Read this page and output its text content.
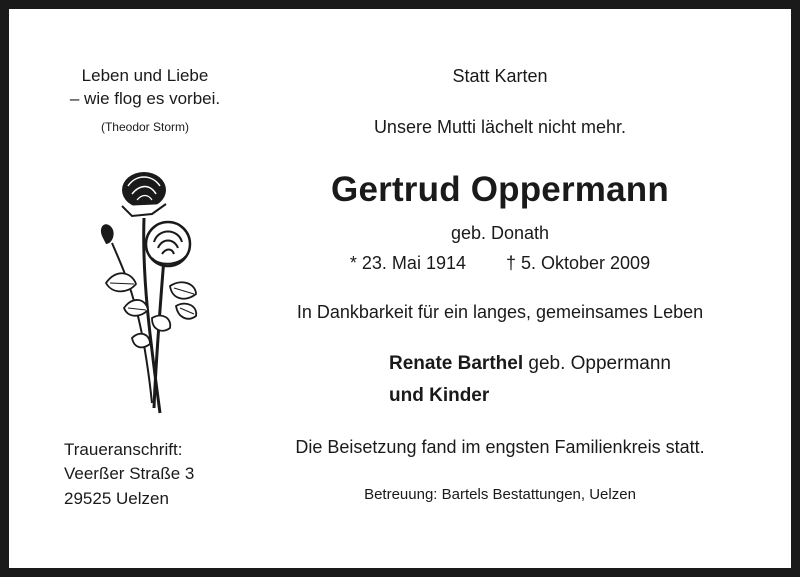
Leben und Liebe
– wie flog es vorbei.
(Theodor Storm)
Statt Karten
Unsere Mutti lächelt nicht mehr.
Gertrud Oppermann
geb. Donath
* 23. Mai 1914 † 5. Oktober 2009
In Dankbarkeit für ein langes, gemeinsames Leben
Renate Barthel geb. Oppermann
und Kinder
Traueranschrift:
Veerßer Straße 3
29525 Uelzen
Die Beisetzung fand im engsten Familienkreis statt.
Betreuung: Bartels Bestattungen, Uelzen
